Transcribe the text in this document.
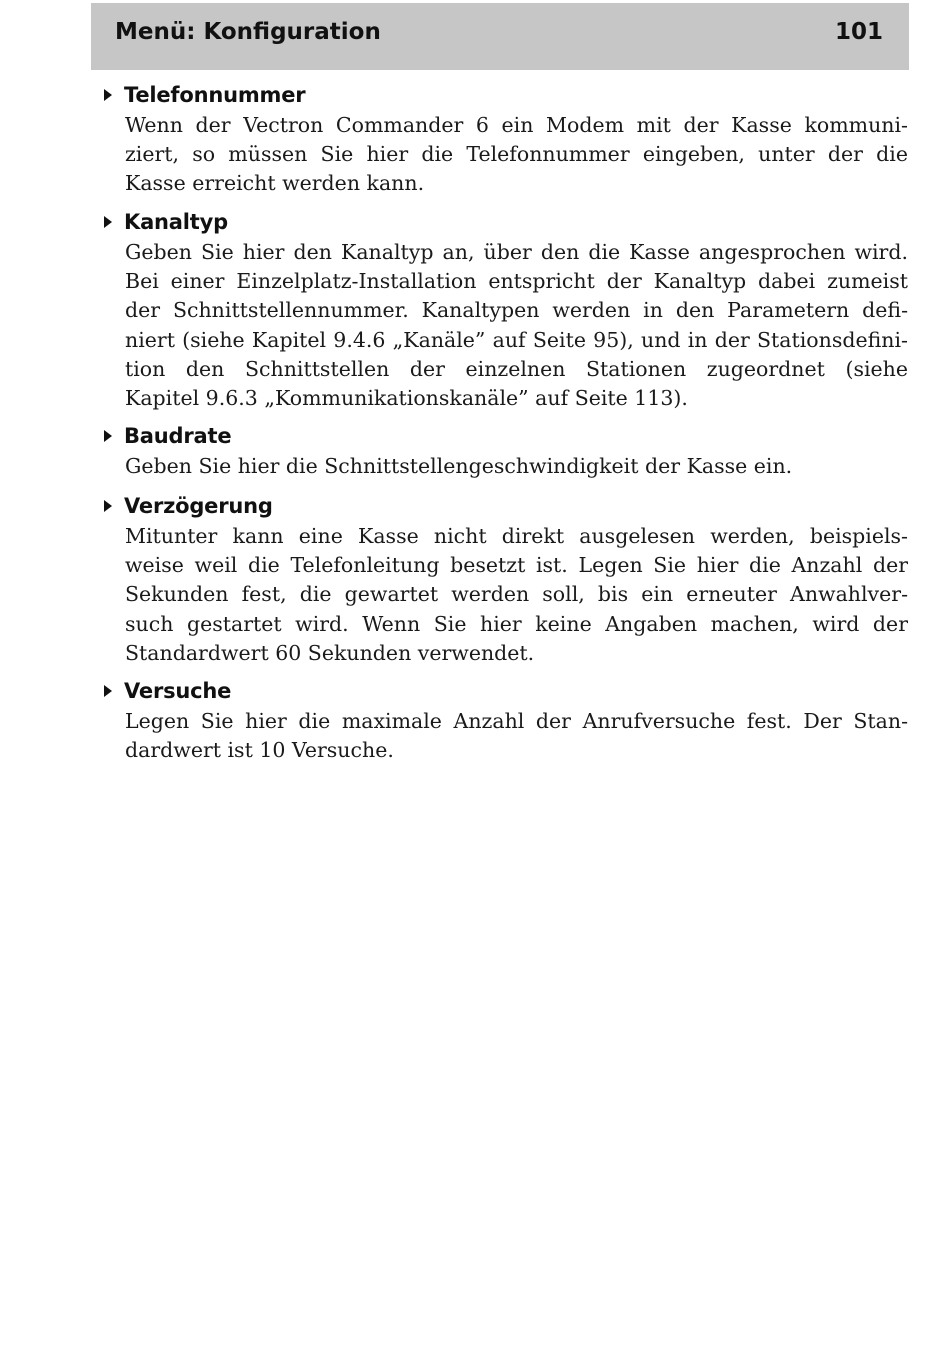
Menü: Konfiguration	101
Telefonnummer
Wenn der Vectron Commander 6 ein Modem mit der Kasse kommuni-
ziert, so müssen Sie hier die Telefonnummer eingeben, unter der die
Kasse erreicht werden kann.
Kanaltyp
Geben Sie hier den Kanaltyp an, über den die Kasse angesprochen wird.
Bei einer Einzelplatz-Installation entspricht der Kanaltyp dabei zumeist
der Schnittstellennummer. Kanaltypen werden in den Parametern defi-
niert (siehe Kapitel 9.4.6 „Kanäle” auf Seite 95), und in der Stationsdefini-
tion den Schnittstellen der einzelnen Stationen zugeordnet (siehe
Kapitel 9.6.3 „Kommunikationskanäle” auf Seite 113).
Baudrate
Geben Sie hier die Schnittstellengeschwindigkeit der Kasse ein.
Verzögerung
Mitunter kann eine Kasse nicht direkt ausgelesen werden, beispiels-
weise weil die Telefonleitung besetzt ist. Legen Sie hier die Anzahl der
Sekunden fest, die gewartet werden soll, bis ein erneuter Anwahlver-
such gestartet wird. Wenn Sie hier keine Angaben machen, wird der
Standardwert 60 Sekunden verwendet.
Versuche
Legen Sie hier die maximale Anzahl der Anrufversuche fest. Der Stan-
dardwert ist 10 Versuche.
